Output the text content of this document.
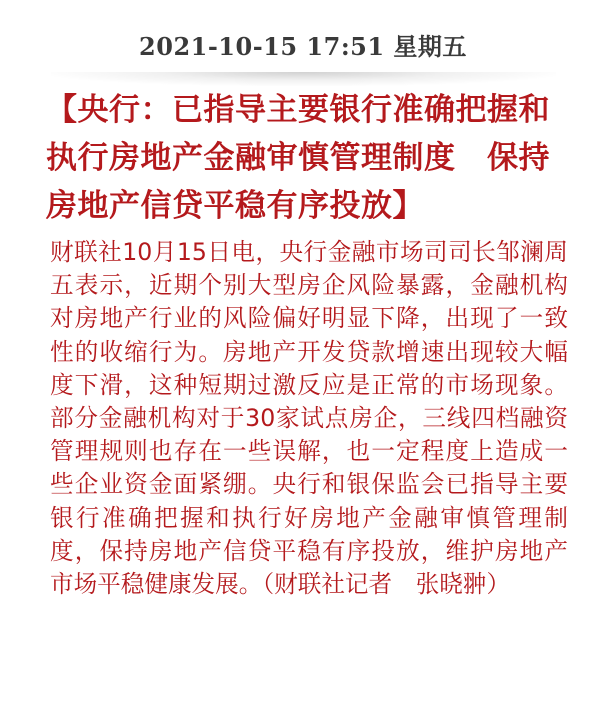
2021-10-15 17:51 星期五

【央行：已指导主要银行准确把握和执行房地产金融审慎管理制度　保持房地产信贷平稳有序投放】

财联社10月15日电，央行金融市场司司长邹澜周五表示，近期个别大型房企风险暴露，金融机构对房地产行业的风险偏好明显下降，出现了一致性的收缩行为。房地产开发贷款增速出现较大幅度下滑，这种短期过激反应是正常的市场现象。部分金融机构对于30家试点房企，三线四档融资管理规则也存在一些误解，也一定程度上造成一些企业资金面紧绷。央行和银保监会已指导主要银行准确把握和执行好房地产金融审慎管理制度，保持房地产信贷平稳有序投放，维护房地产市场平稳健康发展。（财联社记者　张晓翀）
